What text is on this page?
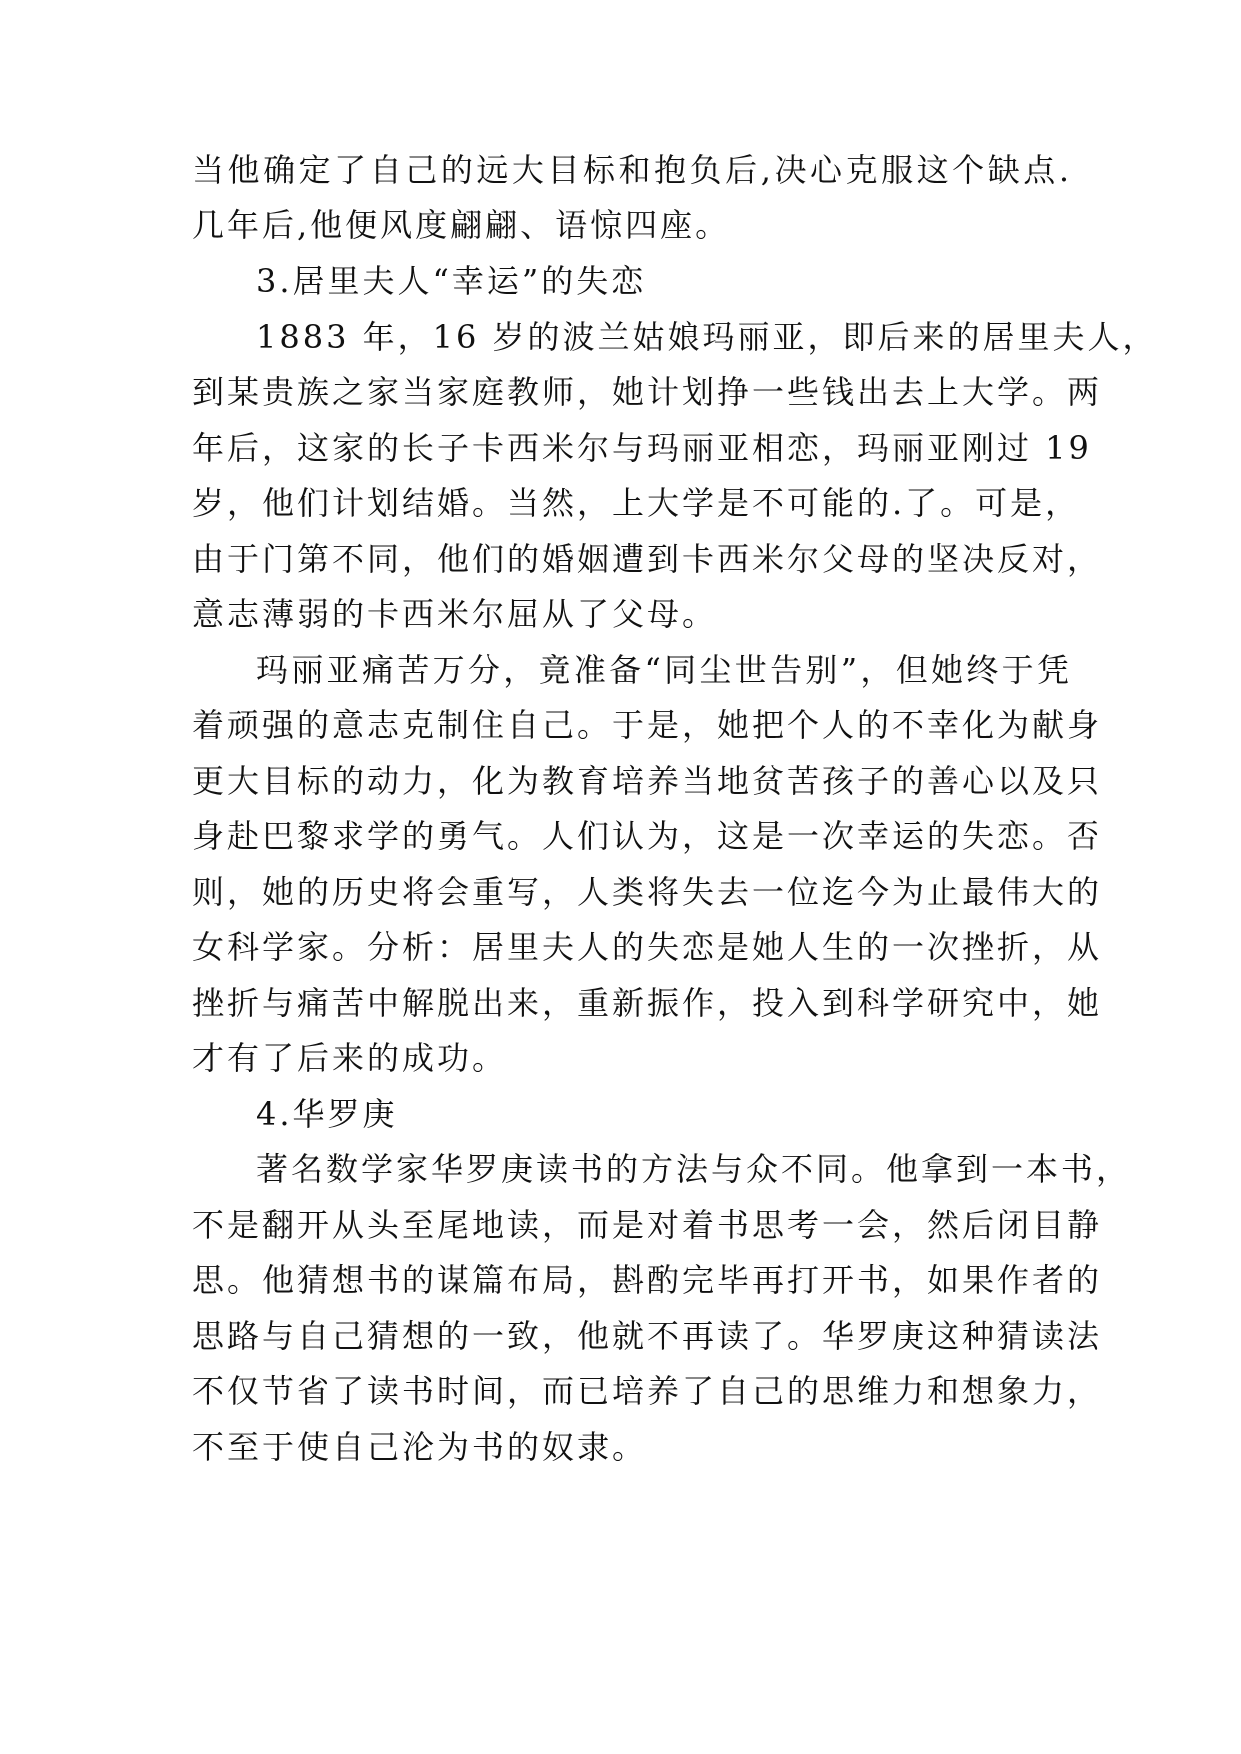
当他确定了自己的远大目标和抱负后,决心克服这个缺点.
几年后,他便风度翩翩、语惊四座。
3.居里夫人“幸运”的失恋
1883 年，16 岁的波兰姑娘玛丽亚，即后来的居里夫人，
到某贵族之家当家庭教师，她计划挣一些钱出去上大学。两
年后，这家的长子卡西米尔与玛丽亚相恋，玛丽亚刚过 19
岁，他们计划结婚。当然，上大学是不可能的.了。可是，
由于门第不同，他们的婚姻遭到卡西米尔父母的坚决反对，
意志薄弱的卡西米尔屈从了父母。
玛丽亚痛苦万分，竟准备“同尘世告别”，但她终于凭
着顽强的意志克制住自己。于是，她把个人的不幸化为献身
更大目标的动力，化为教育培养当地贫苦孩子的善心以及只
身赴巴黎求学的勇气。人们认为，这是一次幸运的失恋。否
则，她的历史将会重写，人类将失去一位迄今为止最伟大的
女科学家。分析：居里夫人的失恋是她人生的一次挫折，从
挫折与痛苦中解脱出来，重新振作，投入到科学研究中，她
才有了后来的成功。
4.华罗庚
著名数学家华罗庚读书的方法与众不同。他拿到一本书，
不是翻开从头至尾地读，而是对着书思考一会，然后闭目静
思。他猜想书的谋篇布局，斟酌完毕再打开书，如果作者的
思路与自己猜想的一致，他就不再读了。华罗庚这种猜读法
不仅节省了读书时间，而已培养了自己的思维力和想象力，
不至于使自己沦为书的奴隶。
